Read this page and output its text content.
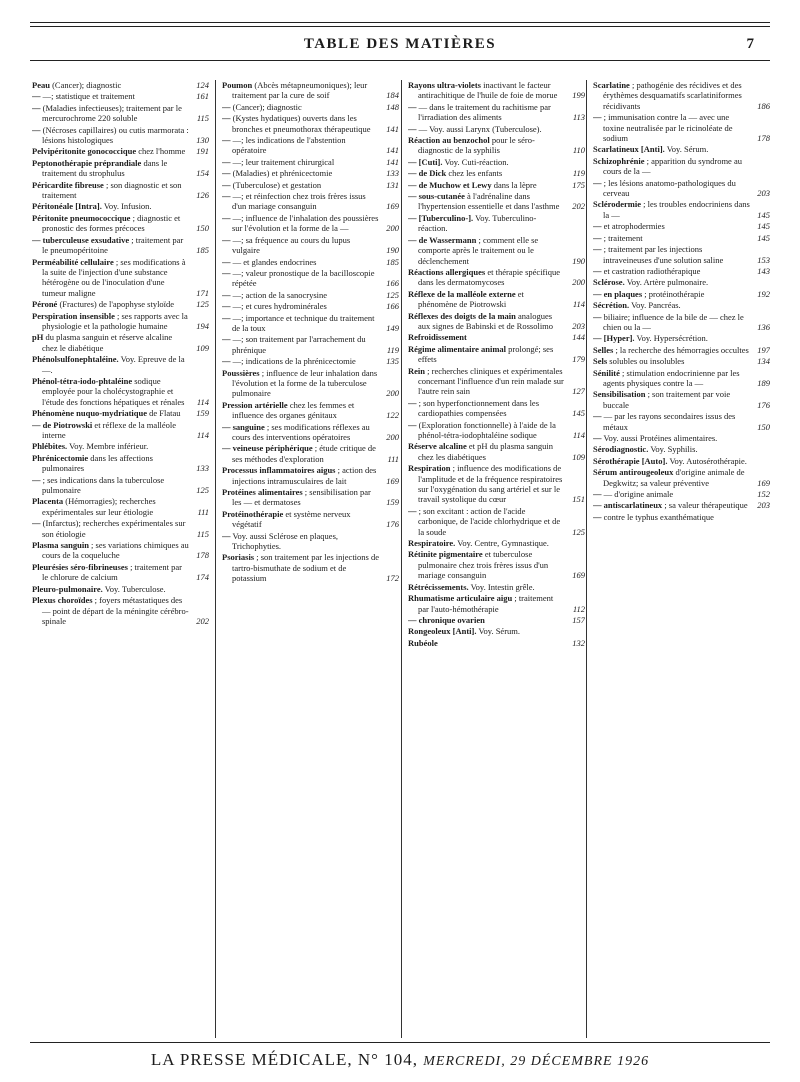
TABLE DES MATIÈRES	7
Peau (Cancer); diagnostic	124
— —; statistique et traitement	161
— (Maladies infectieuses); traitement par le mercurochrome 220 soluble	115
— (Nécroses capillaires) ou cutis marmorata : lésions histologiques	130
Pelvipéritonite gonococcique chez l'homme 191
Peptonothérapie préprandiale dans le traitement du strophulus	154
Péricardite fibreuse ; son diagnostic et son traitement	126
Péritonéale [Intra]. Voy. Infusion.
Péritonite pneumococcique ; diagnostic et pronostic des formes précoces	150
— tuberculeuse exsudative ; traitement par le pneumopéritoine	185
Perméabilité cellulaire ; ses modifications à la suite de l'injection d'une substance hétérogène ou de l'inoculation d'une tumeur maligne	171
Péroné (Fractures) de l'apophyse styloïde	125
Perspiration insensible ; ses rapports avec la physiologie et la pathologie humaine	194
pH du plasma sanguin et réserve alcaline chez le diabétique	109
Phénolsulfonephtaléine. Voy. Epreuve de la —.
Phénol-tétra-iodo-phtaléine sodique employée pour la cholécystographie et l'étude des fonctions hépatiques et rénales 114
Phénomène nuquo-mydriatique de Flatau 159
— de Piotrowski et réflexe de la malléole interne	114
Phlébites. Voy. Membre inférieur.
Phrénicectomie dans les affections pulmonaires	133
— ; ses indications dans la tuberculose pulmonaire	125
Placenta (Hémorragies); recherches expérimentales sur leur étiologie	111
— (Infarctus); recherches expérimentales sur son étiologie	115
Plasma sanguin ; ses variations chimiques au cours de la coqueluche	178
Pleurésies séro-fibrineuses ; traitement par le chlorure de calcium	174
Pleuro-pulmonaire. Voy. Tuberculose.
Plexus choroïdes ; foyers métastatiques des — point de départ de la méningite cérébro-spinale	202
Poumon (Abcès métapneumoniques); leur traitement par la cure de soif	184
— (Cancer); diagnostic	148
— (Kystes hydatiques) ouverts dans les bronches et pneumothorax thérapeutique 141
— —; les indications de l'abstention opératoire	141
— —; leur traitement chirurgical	141
— (Maladies) et phrénicectomie	133
— (Tuberculose) et gestation	131
— —; et réinfection chez trois frères issus d'un mariage consanguin	169
— —; influence de l'inhalation des poussières sur l'évolution et la forme de la —	200
— —; sa fréquence au cours du lupus vulgaire	190
— — et glandes endocrines	185
— —; valeur pronostique de la bacilloscopie répétée	166
— —; action de la sanocrysine	125
— —; et cures hydrominérales	166
— —; importance et technique du traitement de la toux	149
— —; son traitement par l'arrachement du phrénique	119
— —; indications de la phrénicectomie	135
Poussières ; influence de leur inhalation dans l'évolution et la forme de la tuberculose pulmonaire	200
Pression artérielle chez les femmes et influence des organes génitaux	122
— sanguine ; ses modifications réflexes au cours des interventions opératoires	200
— veineuse périphérique ; étude critique de ses méthodes d'exploration	111
Processus inflammatoires aigus ; action des injections intramusculaires de lait	169
Protéines alimentaires ; sensibilisation par les — et dermatoses	159
Protéinothérapie et système nerveux végétatif	176
— Voy. aussi Sclérose en plaques, Trichophyties.
Psoriasis ; son traitement par les injections de tartro-bismuthate de sodium et de potassium	172
Rayons ultra-violets inactivant le facteur antirachitique de l'huile de foie de morue 199
— — dans le traitement du rachitisme par l'irradiation des aliments	113
— — Voy. aussi Larynx (Tuberculose).
Réaction au benzochol pour le séro-diagnostic de la syphilis	110
— [Cuti]. Voy. Cuti-réaction.
— de Dick chez les enfants	119
— de Muchow et Lewy dans la lèpre	175
— sous-cutanée à l'adrénaline dans l'hypertension essentielle et dans l'asthme 202
— [Tuberculino-]. Voy. Tuberculino-réaction.
— de Wassermann ; comment elle se comporte après le traitement ou le déclenchement	190
Réactions allergiques et thérapie spécifique dans les dermatomycoses	200
Réflexe de la malléole externe et phénomène de Piotrowski	114
Réflexes des doigts de la main analogues aux signes de Babinski et de Rossolimo 203
Refroidissement	144
Régime alimentaire animal prolongé; ses effets	179
Rein ; recherches cliniques et expérimentales concernant l'influence d'un rein malade sur l'autre rein sain	127
— ; son hyperfonctionnement dans les cardiopathies compensées	145
— (Exploration fonctionnelle) à l'aide de la phénol-tétra-iodophtaléine sodique	114
Réserve alcaline et pH du plasma sanguin chez les diabétiques	109
Respiration ; influence des modifications de l'amplitude et de la fréquence respiratoires sur l'oxygénation du sang artériel et sur le travail systolique du cœur	151
— ; son excitant : action de l'acide carbonique, de l'acide chlorhydrique et de la soude	125
Respiratoire. Voy. Centre, Gymnastique.
Rétinite pigmentaire et tuberculose pulmonaire chez trois frères issus d'un mariage consanguin	169
Rétrécissements. Voy. Intestin grêle.
Rhumatisme articulaire aigu ; traitement par l'auto-hémothérapie	112
— chronique ovarien	157
Rongeoleux [Anti]. Voy. Sérum.
Rubéole	132
Scarlatine ; pathogénie des récidives et des érythèmes desquamatifs scarlatiniformes récidivants	186
— ; immunisation contre la — avec une toxine neutralisée par le ricinoléate de sodium	178
Scarlatineux [Anti]. Voy. Sérum.
Schizophrénie ; apparition du syndrome au cours de la —
— ; les lésions anatomo-pathologiques du cerveau	203
Sclérodermie ; les troubles endocriniens dans la —	145
— et atrophodermies	145
— ; traitement	145
— ; traitement par les injections intraveineuses d'une solution saline	153
— et castration radiothérapique	143
Sclérose. Voy. Artère pulmonaire.
— en plaques ; protéinothérapie	192
Sécrétion. Voy. Pancréas.
— biliaire; influence de la bile de — chez le chien ou la —	136
— [Hyper]. Voy. Hypersécrétion.
Selles ; la recherche des hémorragies occultes 197
Sels solubles ou insolubles	134
Sénilité ; stimulation endocrinienne par les agents physiques contre la —	189
Sensibilisation ; son traitement par voie buccale	176
— — par les rayons secondaires issus des métaux	150
— Voy. aussi Protéines alimentaires.
Sérodiagnostic. Voy. Syphilis.
Sérothérapie [Auto]. Voy. Autosérothérapie.
Sérum antirougeoleux d'origine animale de Degkwitz; sa valeur préventive	169
— — d'origine animale	152
— antiscarlatineux ; sa valeur thérapeutique 203
— contre le typhus exanthématique
LA PRESSE MÉDICALE, N° 104, MERCREDI, 29 DÉCEMBRE 1926
